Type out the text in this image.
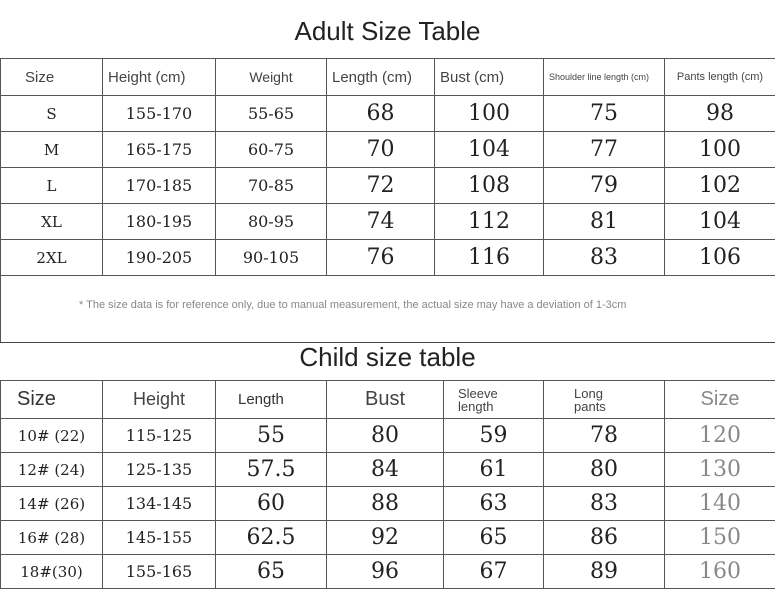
Adult Size Table
Size	Height (cm)	Weight	Length (cm)	Bust (cm)	Shoulder line length (cm)	Pants length (cm)
S	155-170	55-65	68	100	75	98
M	165-175	60-75	70	104	77	100
L	170-185	70-85	72	108	79	102
XL	180-195	80-95	74	112	81	104
2XL	190-205	90-105	76	116	83	106
* The size data is for reference only, due to manual measurement, the actual size may have a deviation of 1-3cm						
Child size table
Size	Height	Length	Bust	Sleeve length	Long pants	Size
10# (22)	115-125	55	80	59	78	120
12# (24)	125-135	57.5	84	61	80	130
14# (26)	134-145	60	88	63	83	140
16# (28)	145-155	62.5	92	65	86	150
18#(30)	155-165	65	96	67	89	160
